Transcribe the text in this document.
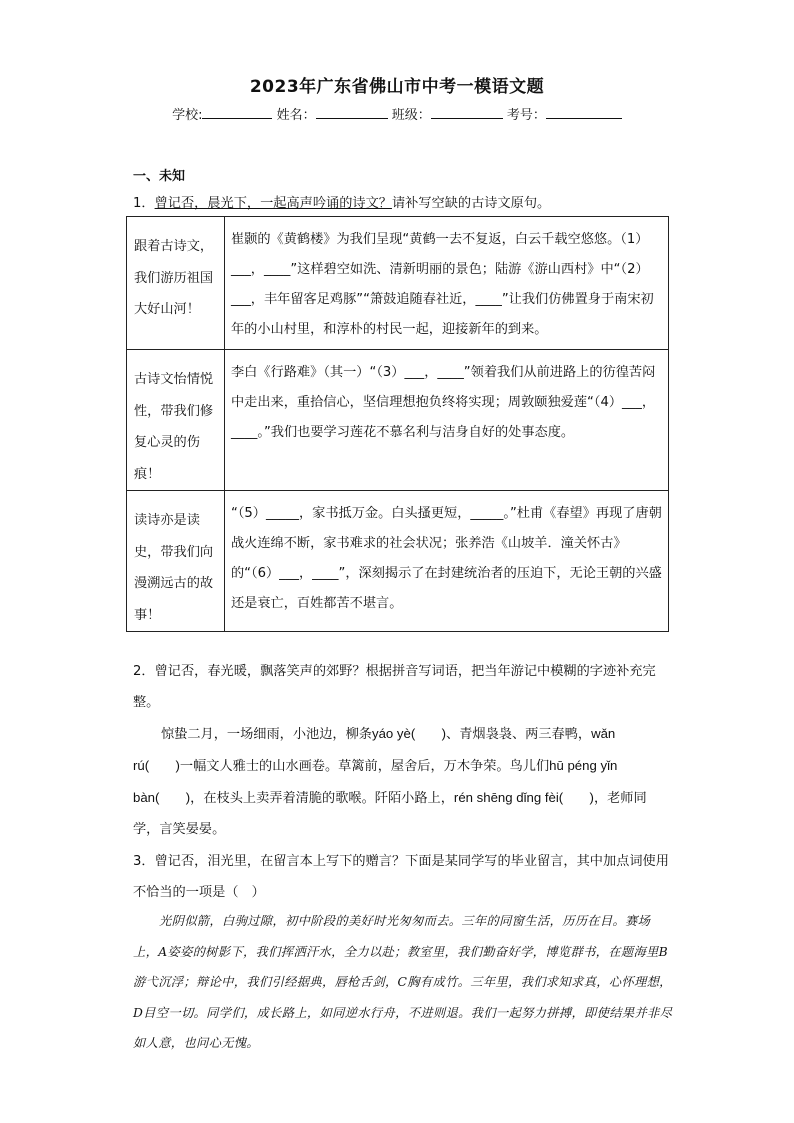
2023年广东省佛山市中考一模语文题
学校:	姓名：	班级：	考号：
一、未知
1．曾记否，晨光下，一起高声吟诵的诗文？请补写空缺的古诗文原句。
跟着古诗文，我们游历祖国大好山河！	崔颢的《黄鹤楼》为我们呈现“黄鹤一去不复返，白云千载空悠悠。（1）___，____”这样碧空如洗、清新明丽的景色；陆游《游山西村》中“（2）___，丰年留客足鸡豚”“箫鼓追随春社近，____”让我们仿佛置身于南宋初年的小山村里，和淳朴的村民一起，迎接新年的到来。
古诗文怡情悦性，带我们修复心灵的伤痕！	李白《行路难》（其一）“（3）___，____”领着我们从前进路上的彷徨苦闷中走出来，重拾信心，坚信理想抱负终将实现；周敦颐独爱莲“（4）___，____。”我们也要学习莲花不慕名利与洁身自好的处事态度。
读诗亦是读史，带我们向漫溯远古的故事！	“（5）_____，家书抵万金。白头搔更短，_____。”杜甫《春望》再现了唐朝战火连绵不断，家书难求的社会状况；张养浩《山坡羊．潼关怀古》的“（6）___，____”，深刻揭示了在封建统治者的压迫下，无论王朝的兴盛还是衰亡，百姓都苦不堪言。
2．曾记否，春光暖，飘落笑声的郊野？根据拼音写词语，把当年游记中模糊的字迹补充完整。
惊蛰二月，一场细雨，小池边，柳条yáo yè(　　)、青烟袅袅、两三春鸭，wǎn rú(　　)一幅文人雅士的山水画卷。草篱前，屋舍后，万木争荣。鸟儿们hū péng yǐn bàn(　　)，在枝头上卖弄着清脆的歌喉。阡陌小路上，rén shēng dǐng fèi(　　)，老师同学，言笑晏晏。
3．曾记否，泪光里，在留言本上写下的赠言？下面是某同学写的毕业留言，其中加点词使用不恰当的一项是（　）
光阴似箭，白驹过隙，初中阶段的美好时光匆匆而去。三年的同窗生活，历历在目。赛场上，A姿姿的树影下，我们挥洒汗水，全力以赴；教室里，我们勤奋好学，博览群书，在题海里B游弋沉浮；辩论中，我们引经据典，唇枪舌剑，C胸有成竹。三年里，我们求知求真，心怀理想，D目空一切。同学们，成长路上，如同逆水行舟，不进则退。我们一起努力拼搏，即使结果并非尽如人意，也问心无愧。
